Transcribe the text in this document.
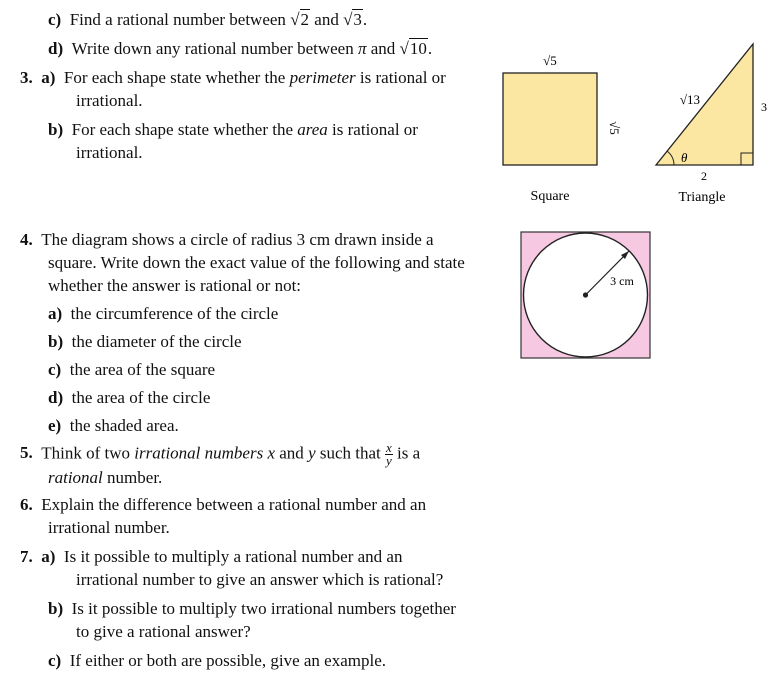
c) Find a rational number between √2 and √3.
d) Write down any rational number between π and √10.
3. a) For each shape state whether the perimeter is rational or
irrational.
b) For each shape state whether the area is rational or
irrational.
√5
√5
Square
θ
√13	3
2
Triangle
4. The diagram shows a circle of radius 3 cm drawn inside a
square. Write down the exact value of the following and state
whether the answer is rational or not:
a) the circumference of the circle
b) the diameter of the circle
c) the area of the square
d) the area of the circle
e) the shaded area.
3 cm
5. Think of two irrational numbers x and y such that $\frac{x}{y}$ is a
rational number.
6. Explain the difference between a rational number and an
irrational number.
7. a) Is it possible to multiply a rational number and an
irrational number to give an answer which is rational?
b) Is it possible to multiply two irrational numbers together
to give a rational answer?
c) If either or both are possible, give an example.
